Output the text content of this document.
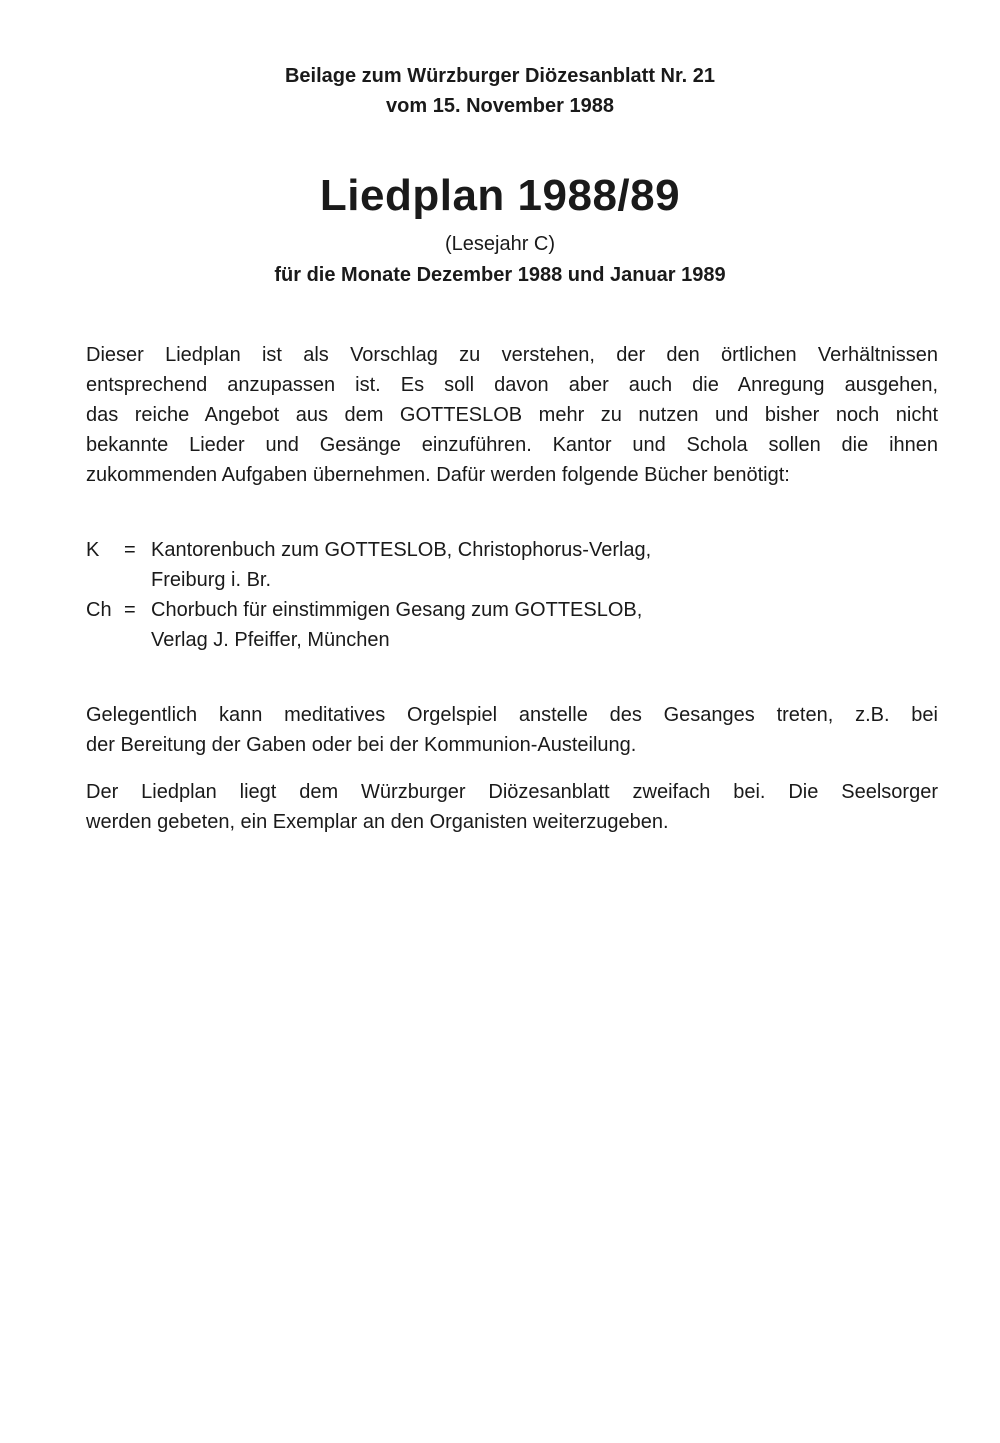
Beilage zum Würzburger Diözesanblatt Nr. 21
vom 15. November 1988
Liedplan 1988/89
(Lesejahr C)
für die Monate Dezember 1988 und Januar 1989
Dieser Liedplan ist als Vorschlag zu verstehen, der den örtlichen Verhältnissen
entsprechend anzupassen ist. Es soll davon aber auch die Anregung ausgehen,
das reiche Angebot aus dem GOTTESLOB mehr zu nutzen und bisher noch nicht
bekannte Lieder und Gesänge einzuführen. Kantor und Schola sollen die ihnen
zukommenden Aufgaben übernehmen. Dafür werden folgende Bücher benötigt:
K = Kantorenbuch zum GOTTESLOB, Christophorus-Verlag,
Freiburg i. Br.
Ch = Chorbuch für einstimmigen Gesang zum GOTTESLOB,
Verlag J. Pfeiffer, München
Gelegentlich kann meditatives Orgelspiel anstelle des Gesanges treten, z.B. bei
der Bereitung der Gaben oder bei der Kommunion-Austeilung.
Der Liedplan liegt dem Würzburger Diözesanblatt zweifach bei. Die Seelsorger
werden gebeten, ein Exemplar an den Organisten weiterzugeben.
